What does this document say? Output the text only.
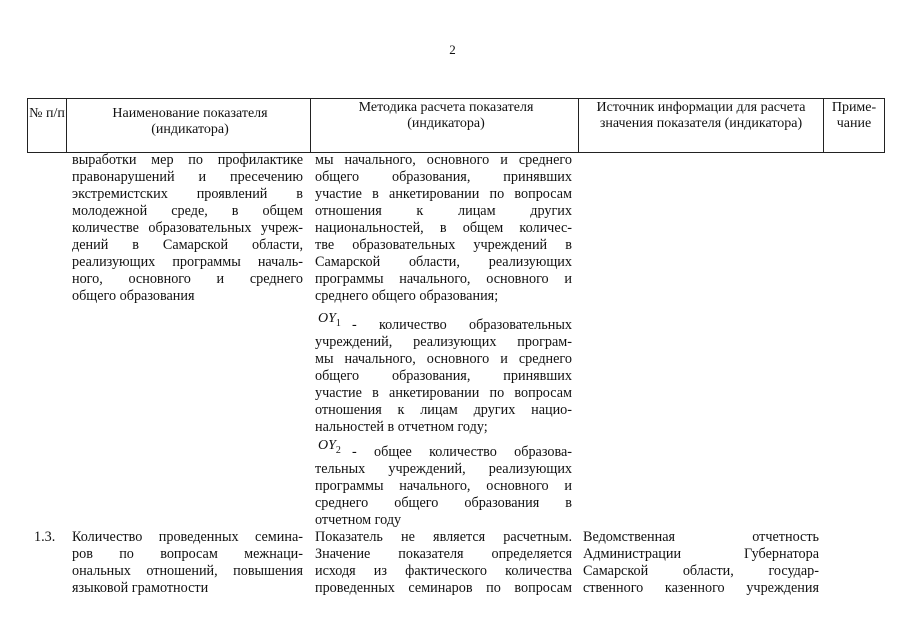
2
№ п/п	Наименование показателя (индикатора)
Методика расчета показателя (индикатора)
Источник информации для расчета значения показателя (индикатора)
Приме- чание
выработки мер по профилактике
правонарушений и пресечению
экстремистских проявлений в
молодежной среде, в общем
количестве образовательных учреж-
дений в Самарской области,
реализующих программы началь-
ного, основного и среднего
общего образования
мы начального, основного и среднего
общего образования, принявших
участие в анкетировании по вопросам
отношения к лицам других
национальностей, в общем количес-
тве образовательных учреждений в
Самарской области, реализующих
программы начального, основного и
среднего общего образования;
$OY_1$ - количество образовательных
учреждений, реализующих програм-
мы начального, основного и среднего
общего образования, принявших
участие в анкетировании по вопросам
отношения к лицам других нацио-
нальностей в отчетном году;
$OY_2$ - общее количество образова-
тельных учреждений, реализующих
программы начального, основного и
среднего общего образования в
отчетном году
1.3. Количество проведенных семина-
ров по вопросам межнаци-
ональных отношений, повышения
языковой грамотности
Показатель не является расчетным.
Значение показателя определяется
исходя из фактического количества
проведенных семинаров по вопросам
Ведомственная отчетность
Администрации Губернатора
Самарской области, государ-
ственного казенного учреждения
